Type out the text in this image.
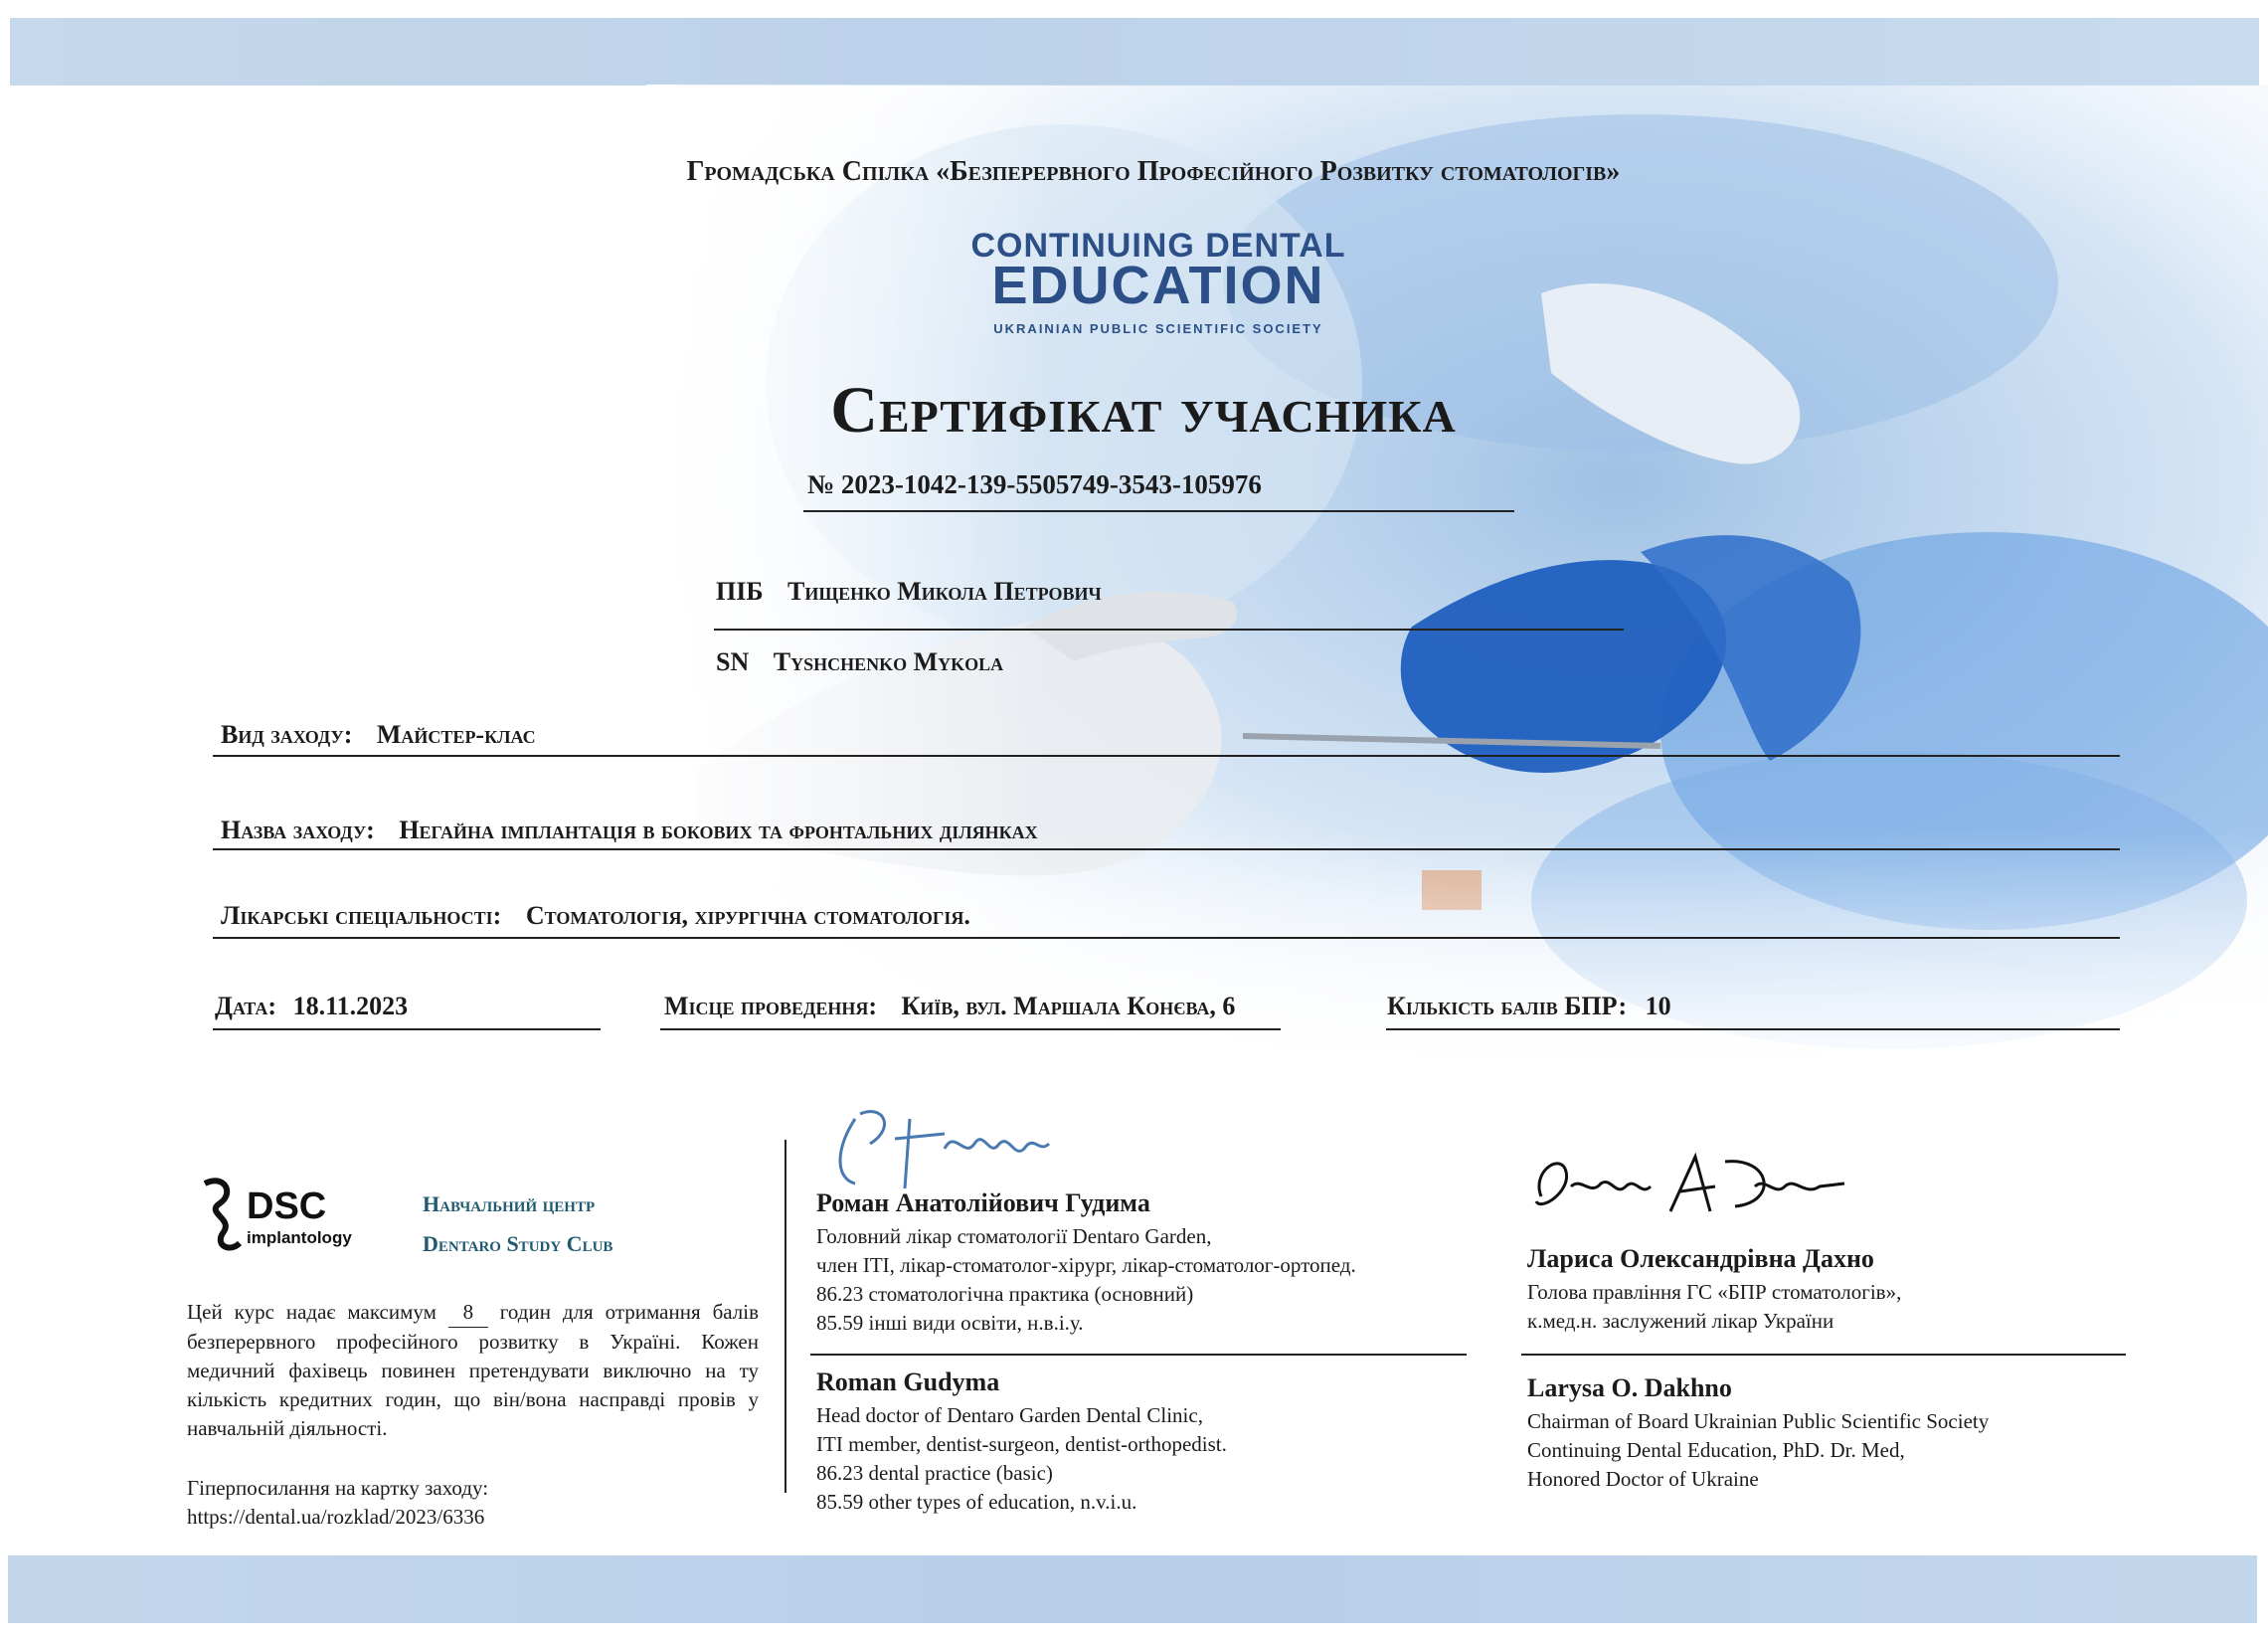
Громадська Спілка «Безперервного Професійного Розвитку стоматологів»
CONTINUING DENTAL
EDUCATION
UKRAINIAN PUBLIC SCIENTIFIC SOCIETY
Сертифікат учасника
№ 2023-1042-139-5505749-3543-105976
ПІБ Тищенко Микола Петрович
SN Tyshchenko Mykola
Вид заходу: Майстер-клас
Назва заходу: Негайна імплантація в бокових та фронтальних ділянках
Лікарські спеціальності: Стоматологія, хірургічна стоматологія.
Дата: 18.11.2023	Місце проведення: Київ, вул. Маршала Конєва, 6	Кількість балів БПР: 10
DSC
implantology
Навчальний центр
Dentaro Study Club
Цей курс надає максимум 8 годин для отримання балів безперервного професійного розвитку в Україні. Кожен медичний фахівець повинен претендувати виключно на ту кількість кредитних годин, що він/вона насправді провів у навчальній діяльності.
Гіперпосилання на картку заходу:
https://dental.ua/rozklad/2023/6336
Роман Анатолійович Гудима
Головний лікар стоматології Dentaro Garden,
член ITI, лікар-стоматолог-хірург, лікар-стоматолог-ортопед.
86.23 стоматологічна практика (основний)
85.59 інші види освіти, н.в.і.у.
Roman Gudyma
Head doctor of Dentaro Garden Dental Clinic,
ITI member, dentist-surgeon, dentist-orthopedist.
86.23 dental practice (basic)
85.59 other types of education, n.v.i.u.
Лариса Олександрівна Дахно
Голова правління ГС «БПР стоматологів»,
к.мед.н. заслужений лікар України
Larysa O. Dakhno
Chairman of Board Ukrainian Public Scientific Society
Continuing Dental Education, PhD. Dr. Med,
Honored Doctor of Ukraine
